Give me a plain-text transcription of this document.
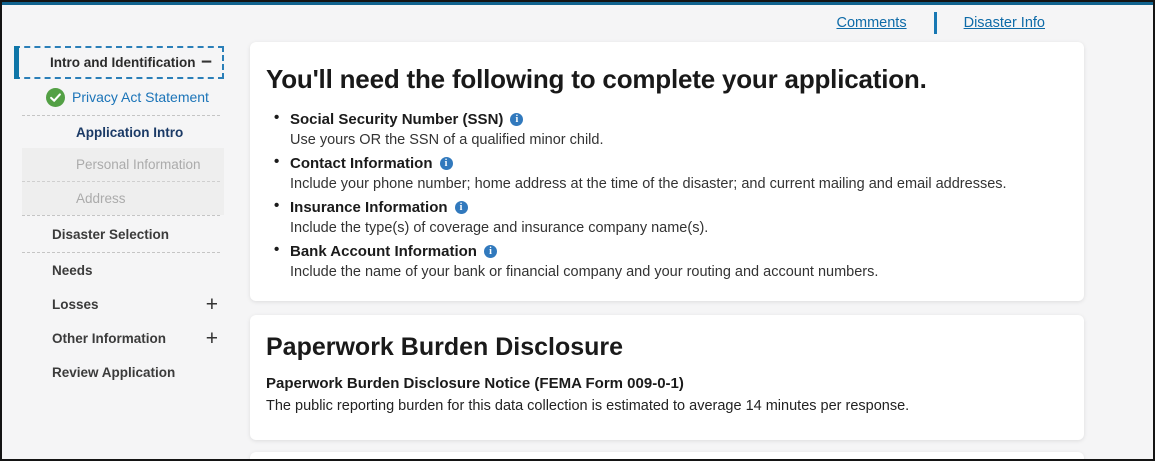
Comments	Disaster Info
Intro and Identification −
Privacy Act Statement
Application Intro
Personal Information
Address
Disaster Selection
Needs
Losses	+
Other Information +
Review Application
You'll need the following to complete your application.
• Social Security Number (SSN)
i
Use yours OR the SSN of a qualified minor child.
• Contact Information
i
Include your phone number; home address at the time of the disaster; and current mailing and email addresses.
• Insurance Information
i
Include the type(s) of coverage and insurance company name(s).
• Bank Account Information
i
Include the name of your bank or financial company and your routing and account numbers.
Paperwork Burden Disclosure
Paperwork Burden Disclosure Notice (FEMA Form 009-0-1)
The public reporting burden for this data collection is estimated to average 14 minutes per response.
